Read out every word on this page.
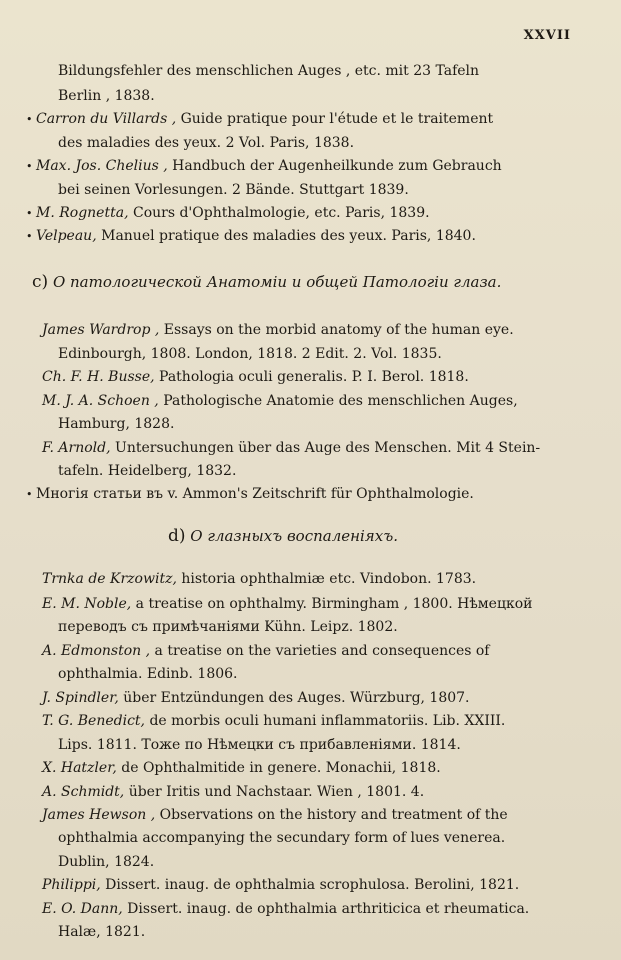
XXVII
Bildungsfehler des menschlichen Auges , etc. mit 23 Tafeln
Berlin , 1838.
• Carron du Villards , Guide pratique pour l'étude et le traitement
des maladies des yeux. 2 Vol. Paris, 1838.
• Max. Jos. Chelius , Handbuch der Augenheilkunde zum Gebrauch
bei seinen Vorlesungen. 2 Bände. Stuttgart 1839.
• M. Rognetta, Cours d'Ophthalmologie, etc. Paris, 1839.
• Velpeau, Manuel pratique des maladies des yeux. Paris, 1840.
c) О патологической Анатоміи и общей Патологіи глаза.
James Wardrop , Essays on the morbid anatomy of the human eye.
Edinbourgh, 1808. London, 1818. 2 Edit. 2. Vol. 1835.
Ch. F. H. Busse, Pathologia oculi generalis. P. I. Berol. 1818.
M. J. A. Schoen , Pathologische Anatomie des menschlichen Auges,
Hamburg, 1828.
F. Arnold, Untersuchungen über das Auge des Menschen. Mit 4 Stein-
tafeln. Heidelberg, 1832.
• Многія статьи въ v. Ammon's Zeitschrift für Ophthalmologie.
d) О глазныхъ воспаленіяхъ.
Trnka de Krzowitz, historia ophthalmiæ etc. Vindobon. 1783.
E. M. Noble, a treatise on ophthalmy. Birmingham , 1800. Нѣмецкой
переводъ съ примѣчаніями Kühn. Leipz. 1802.
A. Edmonston , a treatise on the varieties and consequences of
ophthalmia. Edinb. 1806.
J. Spindler, über Entzündungen des Auges. Würzburg, 1807.
T. G. Benedict, de morbis oculi humani inflammatoriis. Lib. XXIII.
Lips. 1811. Тоже по Нѣмецки съ прибавленіями. 1814.
X. Hatzler, de Ophthalmitide in genere. Monachii, 1818.
A. Schmidt, über Iritis und Nachstaar. Wien , 1801. 4.
James Hewson , Observations on the history and treatment of the
ophthalmia accompanying the secundary form of lues venerea.
Dublin, 1824.
Philippi, Dissert. inaug. de ophthalmia scrophulosa. Berolini, 1821.
E. O. Dann, Dissert. inaug. de ophthalmia arthriticica et rheumatica.
Halæ, 1821.
